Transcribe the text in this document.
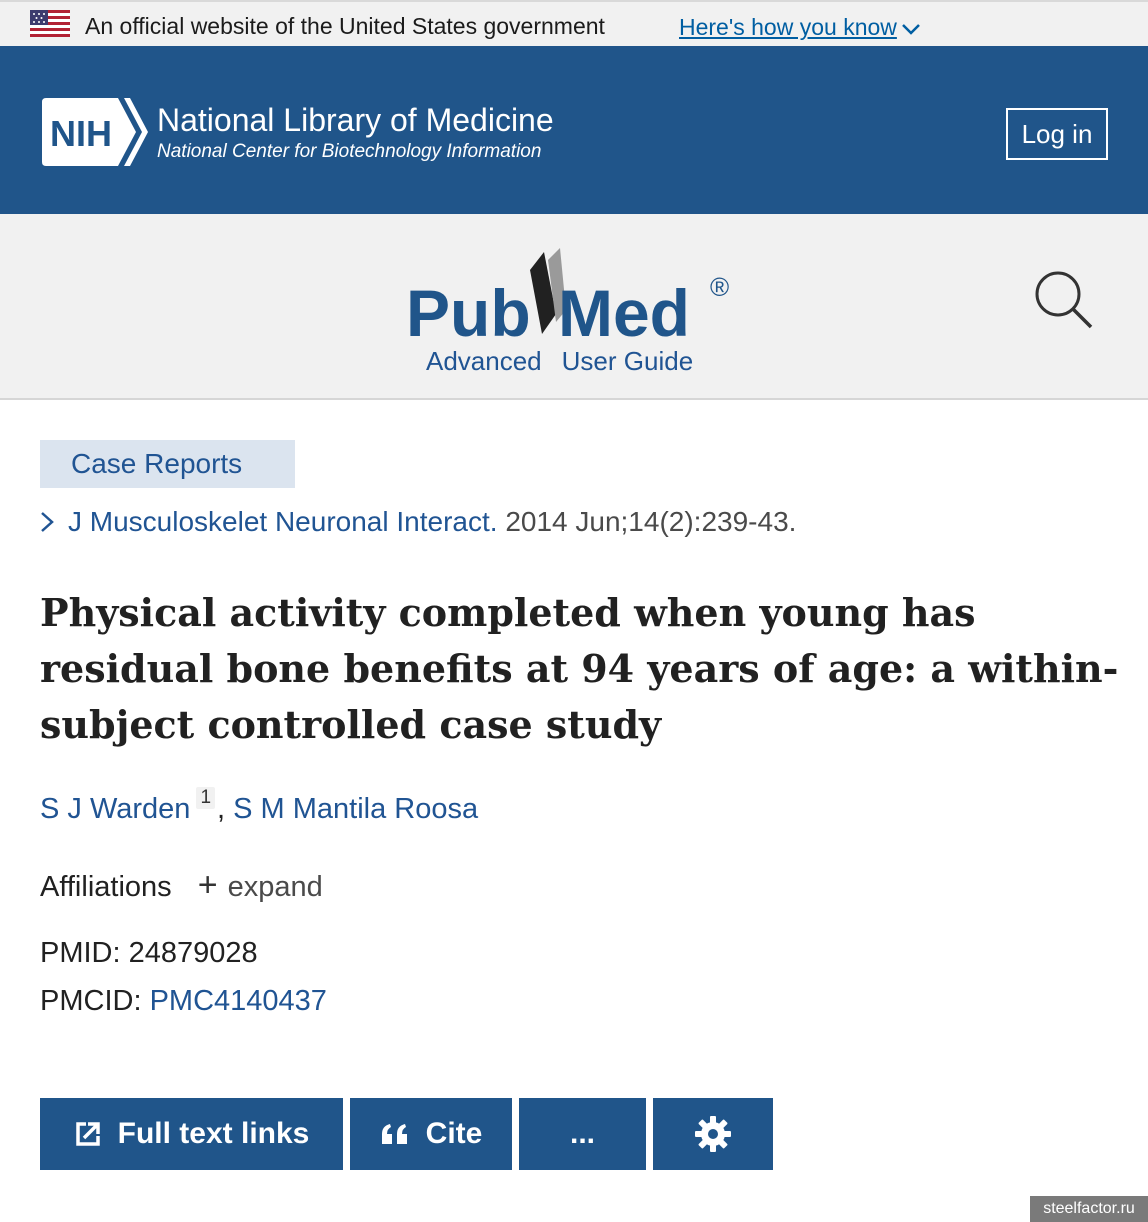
An official website of the United States government	Here's how you know
NIH National Library of Medicine
National Center for Biotechnology Information
Log in
Pub Med ®
Advanced User Guide
Case Reports
J Musculoskelet Neuronal Interact. 2014 Jun;14(2):239-43.
Physical activity completed when young has residual bone benefits at 94 years of age: a within-subject controlled case study
S J Warden 1 , S M Mantila Roosa
Affiliations + expand
PMID: 24879028
PMCID: PMC4140437
Full text links	Cite	...
steelfactor.ru
